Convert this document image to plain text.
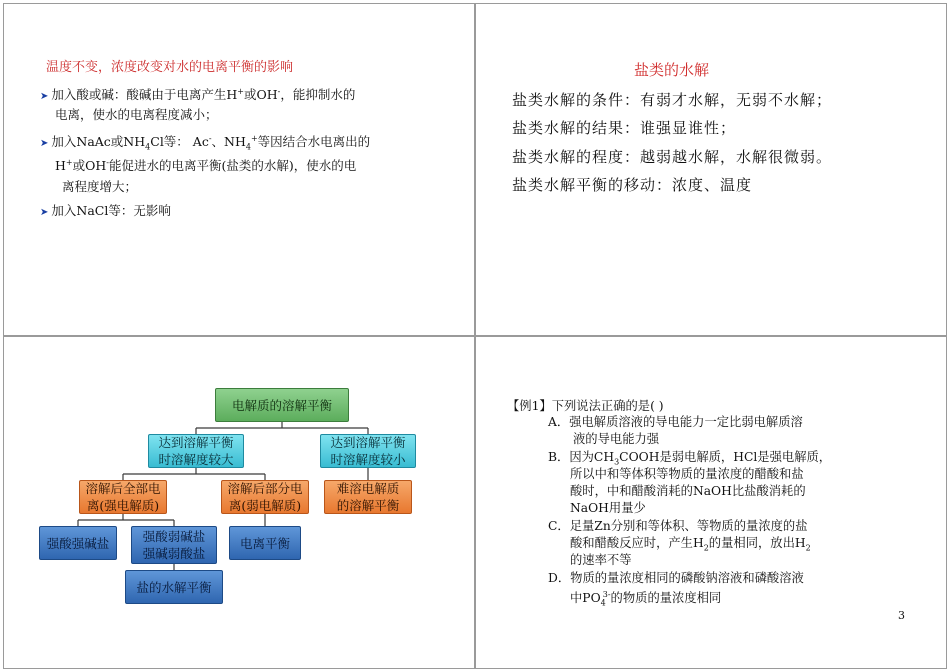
温度不变，浓度改变对水的电离平衡的影响
➤ 加入酸或碱：酸碱由于电离产生H+或OH-，能抑制水的
电离，使水的电离程度减小；
➤ 加入NaAc或$NH_4Cl$等： Ac-、$NH_4^+$等因结合水电离出的
H+或OH-能促进水的电离平衡(盐类的水解)，使水的电
离程度增大；
➤ 加入NaCl等：无影响
盐类的水解
盐类水解的条件：有弱才水解，无弱不水解；
盐类水解的结果：谁强显谁性；
盐类水解的程度：越弱越水解，水解很微弱。
盐类水解平衡的移动：浓度、温度
电解质的溶解平衡
达到溶解平衡
时溶解度较大
达到溶解平衡
时溶解度较小
溶解后全部电
离(强电解质)
溶解后部分电
离(弱电解质)
难溶电解质
的溶解平衡
强酸强碱盐	强酸弱碱盐
强碱弱酸盐
电离平衡
盐的水解平衡
【例1】下列说法正确的是( )
A．强电解质溶液的导电能力一定比弱电解质溶
液的导电能力强
B．因为$CH_3COOH$是弱电解质，HCl是强电解质，
所以中和等体积等物质的量浓度的醋酸和盐
酸时，中和醋酸消耗的NaOH比盐酸消耗的
NaOH用量少
C．足量Zn分别和等体积、等物质的量浓度的盐
酸和醋酸反应时，产生$H_2$的量相同，放出$H_2$
的速率不等
D．物质的量浓度相同的磷酸钠溶液和磷酸溶液
中$PO_4^{3-}$的物质的量浓度相同
3
